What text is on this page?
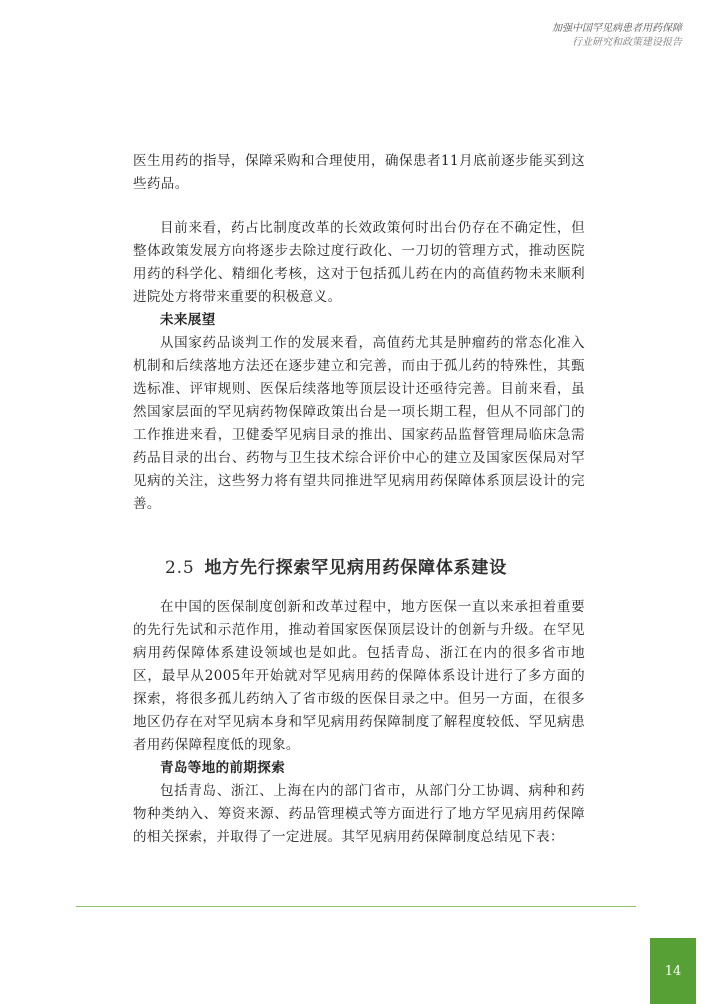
加强中国罕见病患者用药保障
行业研究和政策建设报告

医生用药的指导，保障采购和合理使用，确保患者11月底前逐步能买到这些药品。

目前来看，药占比制度改革的长效政策何时出台仍存在不确定性，但整体政策发展方向将逐步去除过度行政化、一刀切的管理方式，推动医院用药的科学化、精细化考核，这对于包括孤儿药在内的高值药物未来顺利进院处方将带来重要的积极意义。

未来展望

从国家药品谈判工作的发展来看，高值药尤其是肿瘤药的常态化准入机制和后续落地方法还在逐步建立和完善，而由于孤儿药的特殊性，其甄选标准、评审规则、医保后续落地等顶层设计还亟待完善。目前来看，虽然国家层面的罕见病药物保障政策出台是一项长期工程，但从不同部门的工作推进来看，卫健委罕见病目录的推出、国家药品监督管理局临床急需药品目录的出台、药物与卫生技术综合评价中心的建立及国家医保局对罕见病的关注，这些努力将有望共同推进罕见病用药保障体系顶层设计的完善。

2.5 地方先行探索罕见病用药保障体系建设

在中国的医保制度创新和改革过程中，地方医保一直以来承担着重要的先行先试和示范作用，推动着国家医保顶层设计的创新与升级。在罕见病用药保障体系建设领域也是如此。包括青岛、浙江在内的很多省市地区，最早从2005年开始就对罕见病用药的保障体系设计进行了多方面的探索，将很多孤儿药纳入了省市级的医保目录之中。但另一方面，在很多地区仍存在对罕见病本身和罕见病用药保障制度了解程度较低、罕见病患者用药保障程度低的现象。

青岛等地的前期探索

包括青岛、浙江、上海在内的部门省市，从部门分工协调、病种和药物种类纳入、筹资来源、药品管理模式等方面进行了地方罕见病用药保障的相关探索，并取得了一定进展。其罕见病用药保障制度总结见下表：

14
